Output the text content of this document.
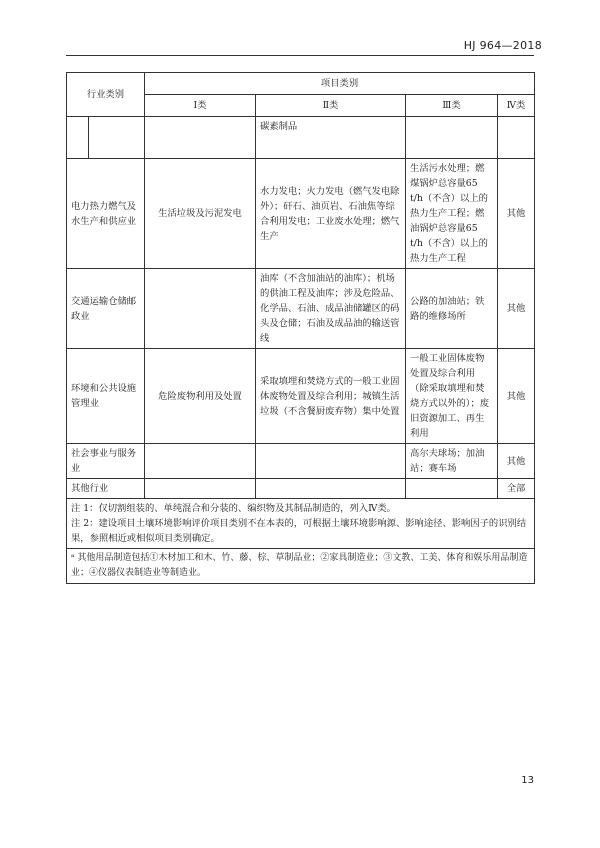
HJ 964—2018
行业类别		项目类别			
		Ⅰ类	Ⅱ类	Ⅲ类	Ⅳ类
			碳素制品		
电力热力燃气及水生产和供应业		生活垃圾及污泥发电	水力发电；火力发电（燃气发电除外）；矸石、油页岩、石油焦等综合利用发电；工业废水处理；燃气生产	生活污水处理；燃煤锅炉总容量65 t/h（不含）以上的热力生产工程；燃油锅炉总容量65 t/h（不含）以上的热力生产工程	其他
交通运输仓储邮政业			油库（不含加油站的油库）；机场的供油工程及油库；涉及危险品、化学品、石油、成品油储罐区的码头及仓储；石油及成品油的输送管线	公路的加油站；铁路的维修场所	其他
环境和公共设施管理业		危险废物利用及处置	采取填埋和焚烧方式的一般工业固体废物处置及综合利用；城镇生活垃圾（不含餐厨废弃物）集中处置	一般工业固体废物处置及综合利用（除采取填埋和焚烧方式以外的）；废旧资源加工、再生利用	其他
社会事业与服务业				高尔夫球场；加油站；赛车场	其他
其他行业					全部

注 1：仅切割组装的、单纯混合和分装的、编织物及其制品制造的，列入Ⅳ类。
注 2：建设项目土壤环境影响评价项目类别不在本表的，可根据土壤环境影响源、影响途径、影响因子的识别结果，参照相近或相似项目类别确定。					

ᵃ 其他用品制造包括①木材加工和木、竹、藤、棕、草制品业；②家具制造业；③文教、工美、体育和娱乐用品制造业；④仪器仪表制造业等制造业。					
13
